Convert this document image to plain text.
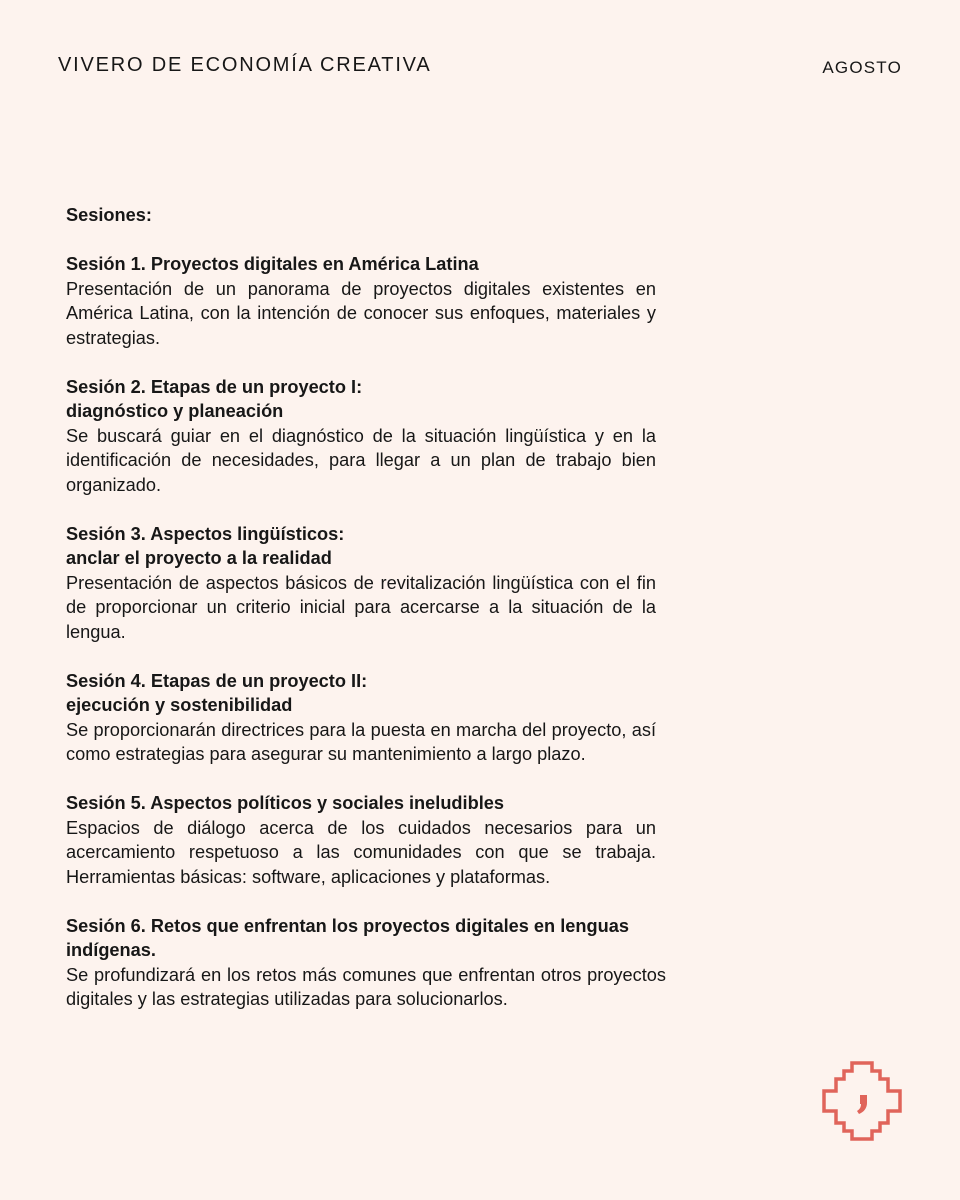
VIVERO DE ECONOMÍA CREATIVA	AGOSTO
Sesiones:
Sesión 1. Proyectos digitales en América Latina
Presentación de un panorama de proyectos digitales existentes en América Latina, con la intención de conocer sus enfoques, materiales y estrategias.
Sesión 2. Etapas de un proyecto I:
diagnóstico y planeación
Se buscará guiar en el diagnóstico de la situación lingüística y en la identificación de necesidades, para llegar a un plan de trabajo bien organizado.
Sesión 3. Aspectos lingüísticos:
anclar el proyecto a la realidad
Presentación de aspectos básicos de revitalización lingüística con el fin de proporcionar un criterio inicial para acercarse a la situación de la lengua.
Sesión 4. Etapas de un proyecto II:
ejecución y sostenibilidad
Se proporcionarán directrices para la puesta en marcha del proyecto, así como estrategias para asegurar su mantenimiento a largo plazo.
Sesión 5. Aspectos políticos y sociales ineludibles
Espacios de diálogo acerca de los cuidados necesarios para un acercamiento respetuoso a las comunidades con que se trabaja. Herramientas básicas: software, aplicaciones y plataformas.
Sesión 6. Retos que enfrentan los proyectos digitales en lenguas indígenas.
Se profundizará en los retos más comunes que enfrentan otros proyectos digitales y las estrategias utilizadas para solucionarlos.
